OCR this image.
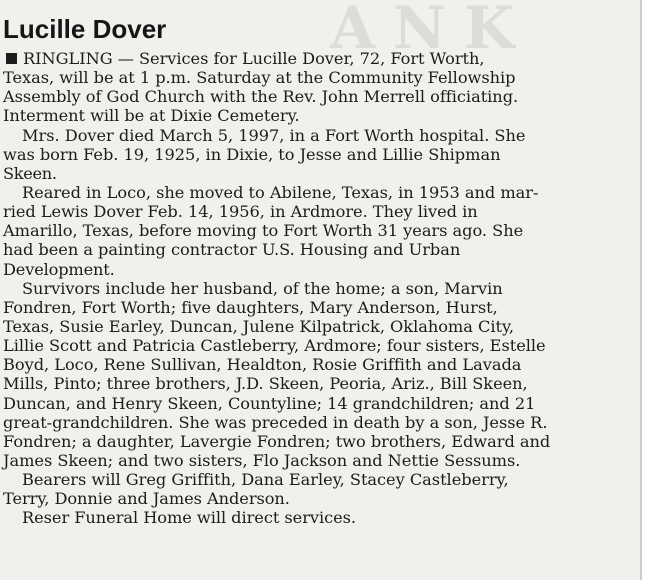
ANK
Lucille Dover
RINGLING — Services for Lucille Dover, 72, Fort Worth,
Texas, will be at 1 p.m. Saturday at the Community Fellowship
Assembly of God Church with the Rev. John Merrell officiating.
Interment will be at Dixie Cemetery.
Mrs. Dover died March 5, 1997, in a Fort Worth hospital. She
was born Feb. 19, 1925, in Dixie, to Jesse and Lillie Shipman
Skeen.
Reared in Loco, she moved to Abilene, Texas, in 1953 and mar-
ried Lewis Dover Feb. 14, 1956, in Ardmore. They lived in
Amarillo, Texas, before moving to Fort Worth 31 years ago. She
had been a painting contractor U.S. Housing and Urban
Development.
Survivors include her husband, of the home; a son, Marvin
Fondren, Fort Worth; five daughters, Mary Anderson, Hurst,
Texas, Susie Earley, Duncan, Julene Kilpatrick, Oklahoma City,
Lillie Scott and Patricia Castleberry, Ardmore; four sisters, Estelle
Boyd, Loco, Rene Sullivan, Healdton, Rosie Griffith and Lavada
Mills, Pinto; three brothers, J.D. Skeen, Peoria, Ariz., Bill Skeen,
Duncan, and Henry Skeen, Countyline; 14 grandchildren; and 21
great-grandchildren. She was preceded in death by a son, Jesse R.
Fondren; a daughter, Lavergie Fondren; two brothers, Edward and
James Skeen; and two sisters, Flo Jackson and Nettie Sessums.
Bearers will Greg Griffith, Dana Earley, Stacey Castleberry,
Terry, Donnie and James Anderson.
Reser Funeral Home will direct services.
